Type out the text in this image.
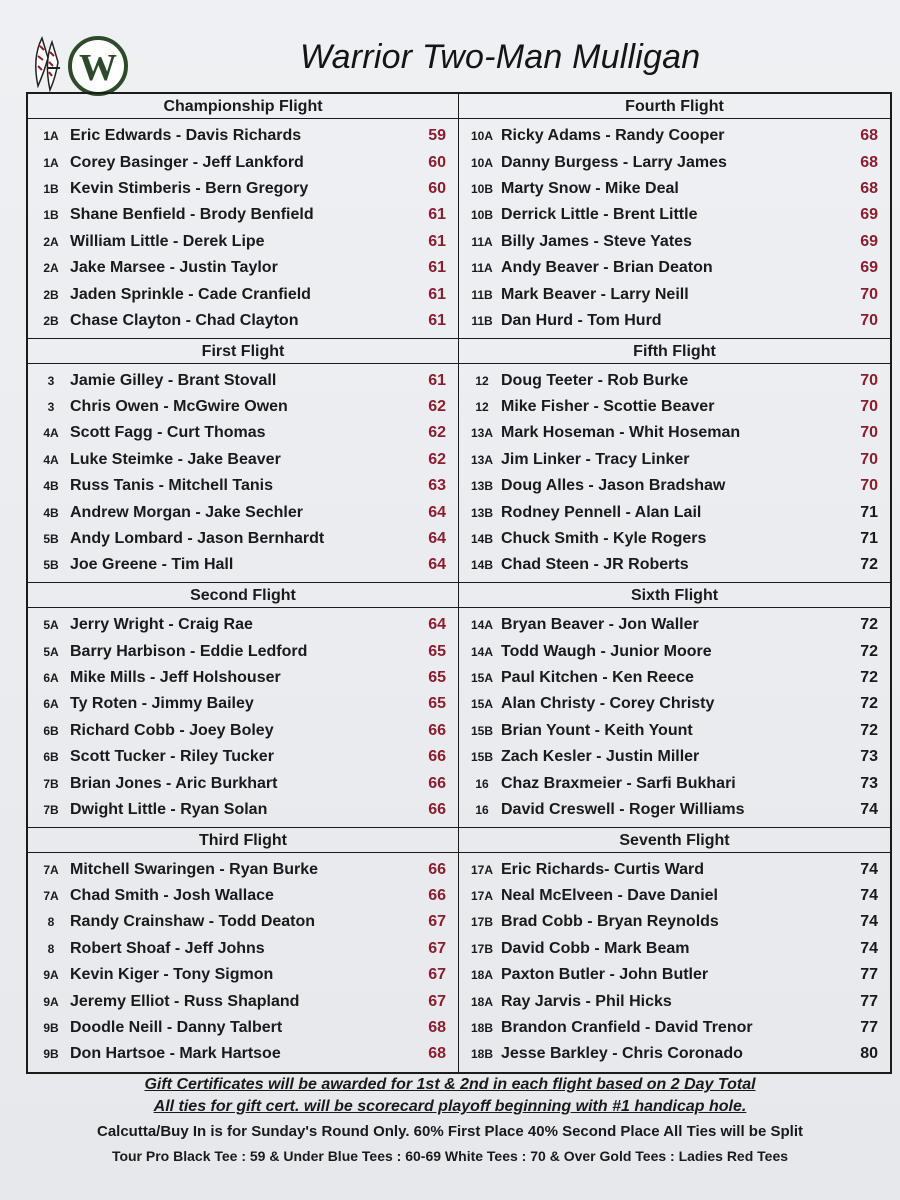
W	Warrior Two-Man Mulligan
Championship Flight
1A Eric Edwards - Davis Richards	59
1A Corey Basinger - Jeff Lankford	60
1B Kevin Stimberis - Bern Gregory	60
1B Shane Benfield - Brody Benfield	61
2A William Little - Derek Lipe	61
2A Jake Marsee - Justin Taylor	61
2B Jaden Sprinkle - Cade Cranfield	61
2B Chase Clayton - Chad Clayton	61
Fourth Flight
10A Ricky Adams - Randy Cooper	68
10A Danny Burgess - Larry James	68
10B Marty Snow - Mike Deal	68
10B Derrick Little - Brent Little	69
11A Billy James - Steve Yates	69
11A Andy Beaver - Brian Deaton	69
11B Mark Beaver - Larry Neill	70
11B Dan Hurd - Tom Hurd	70
First Flight
3 Jamie Gilley - Brant Stovall	61
3 Chris Owen - McGwire Owen	62
4A Scott Fagg - Curt Thomas	62
4A Luke Steimke - Jake Beaver	62
4B Russ Tanis - Mitchell Tanis	63
4B Andrew Morgan - Jake Sechler	64
5B Andy Lombard - Jason Bernhardt	64
5B Joe Greene - Tim Hall	64
Fifth Flight
12 Doug Teeter - Rob Burke	70
12 Mike Fisher - Scottie Beaver	70
13A Mark Hoseman - Whit Hoseman	70
13A Jim Linker - Tracy Linker	70
13B Doug Alles - Jason Bradshaw	70
13B Rodney Pennell - Alan Lail	71
14B Chuck Smith - Kyle Rogers	71
14B Chad Steen - JR Roberts	72
Second Flight
5A Jerry Wright - Craig Rae	64
5A Barry Harbison - Eddie Ledford	65
6A Mike Mills - Jeff Holshouser	65
6A Ty Roten - Jimmy Bailey	65
6B Richard Cobb - Joey Boley	66
6B Scott Tucker - Riley Tucker	66
7B Brian Jones - Aric Burkhart	66
7B Dwight Little - Ryan Solan	66
Sixth Flight
14A Bryan Beaver - Jon Waller	72
14A Todd Waugh - Junior Moore	72
15A Paul Kitchen - Ken Reece	72
15A Alan Christy - Corey Christy	72
15B Brian Yount - Keith Yount	72
15B Zach Kesler - Justin Miller	73
16 Chaz Braxmeier - Sarfi Bukhari	73
16 David Creswell - Roger Williams	74
Third Flight
7A Mitchell Swaringen - Ryan Burke	66
7A Chad Smith - Josh Wallace	66
8 Randy Crainshaw - Todd Deaton	67
8 Robert Shoaf - Jeff Johns	67
9A Kevin Kiger - Tony Sigmon	67
9A Jeremy Elliot - Russ Shapland	67
9B Doodle Neill - Danny Talbert	68
9B Don Hartsoe - Mark Hartsoe	68
Seventh Flight
17A Eric Richards- Curtis Ward	74
17A Neal McElveen - Dave Daniel	74
17B Brad Cobb - Bryan Reynolds	74
17B David Cobb - Mark Beam	74
18A Paxton Butler - John Butler	77
18A Ray Jarvis - Phil Hicks	77
18B Brandon Cranfield - David Trenor	77
18B Jesse Barkley - Chris Coronado	80
Gift Certificates will be awarded for 1st & 2nd in each flight based on 2 Day Total
All ties for gift cert. will be scorecard playoff beginning with #1 handicap hole.
Calcutta/Buy In is for Sunday's Round Only. 60% First Place 40% Second Place All Ties will be Split
Tour Pro Black Tee : 59 & Under Blue Tees : 60-69 White Tees : 70 & Over Gold Tees : Ladies Red Tees
